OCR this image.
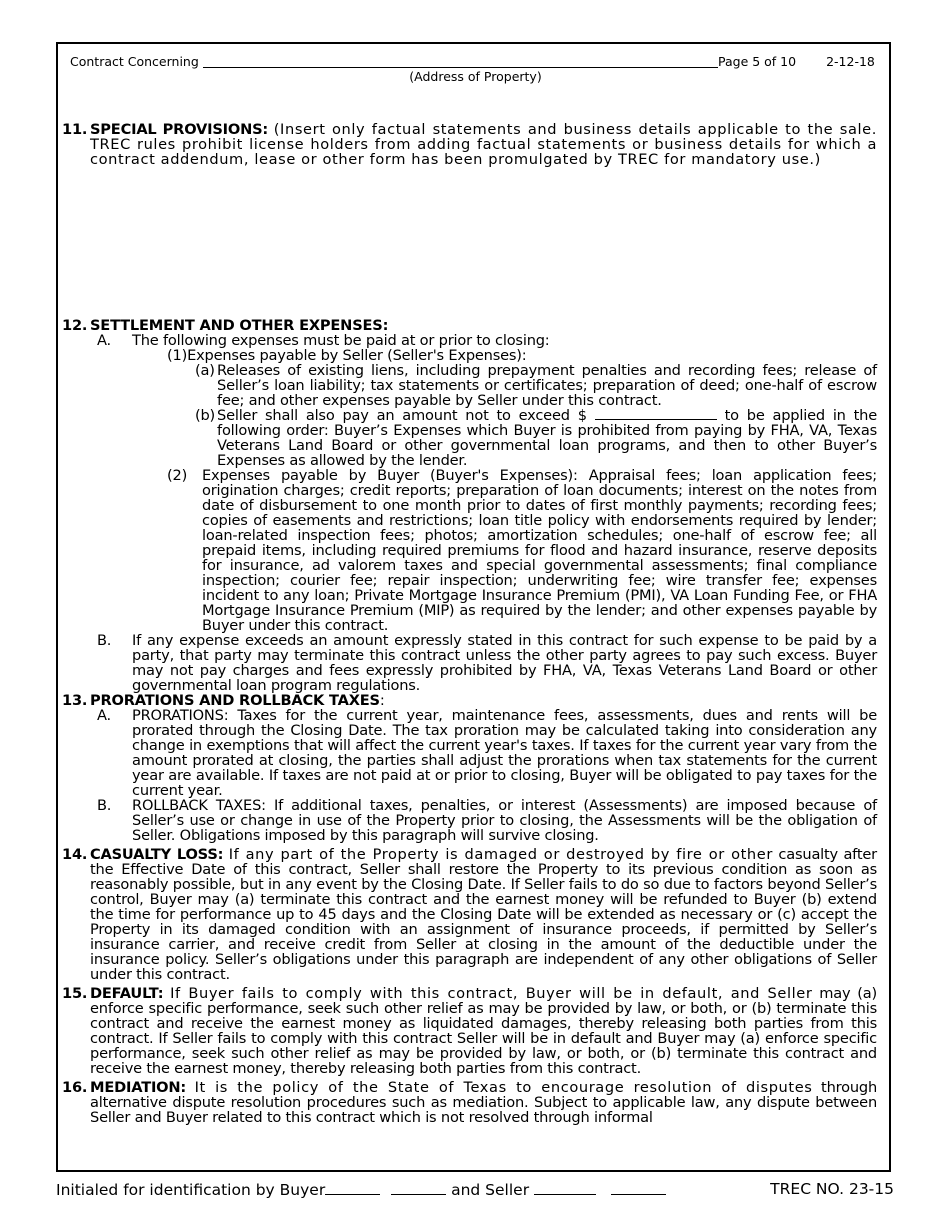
Contract Concerning	Page 5 of 10 2-12-18
(Address of Property)
11. SPECIAL PROVISIONS: (Insert only factual statements and business details applicable to the sale. TREC rules prohibit license holders from adding factual statements or business details for which a contract addendum, lease or other form has been promulgated by TREC for mandatory use.)
12. SETTLEMENT AND OTHER EXPENSES:
A. The following expenses must be paid at or prior to closing:
(1)Expenses payable by Seller (Seller's Expenses):
(a) Releases of existing liens, including prepayment penalties and recording fees; release of Seller’s loan liability; tax statements or certificates; preparation of deed; one-half of escrow fee; and other expenses payable by Seller under this contract.
(b) Seller shall also pay an amount not to exceed $	to be applied in the following order: Buyer’s Expenses which Buyer is prohibited from paying by FHA, VA, Texas Veterans Land Board or other governmental loan programs, and then to other Buyer’s Expenses as allowed by the lender.
(2) Expenses payable by Buyer (Buyer's Expenses): Appraisal fees; loan application fees; origination charges; credit reports; preparation of loan documents; interest on the notes from date of disbursement to one month prior to dates of first monthly payments; recording fees; copies of easements and restrictions; loan title policy with endorsements required by lender; loan-related inspection fees; photos; amortization schedules; one-half of escrow fee; all prepaid items, including required premiums for flood and hazard insurance, reserve deposits for insurance, ad valorem taxes and special governmental assessments; final compliance inspection; courier fee; repair inspection; underwriting fee; wire transfer fee; expenses incident to any loan; Private Mortgage Insurance Premium (PMI), VA Loan Funding Fee, or FHA Mortgage Insurance Premium (MIP) as required by the lender; and other expenses payable by Buyer under this contract.
B. If any expense exceeds an amount expressly stated in this contract for such expense to be paid by a party, that party may terminate this contract unless the other party agrees to pay such excess. Buyer may not pay charges and fees expressly prohibited by FHA, VA, Texas Veterans Land Board or other governmental loan program regulations.
13. PRORATIONS AND ROLLBACK TAXES:
A. PRORATIONS: Taxes for the current year, maintenance fees, assessments, dues and rents will be prorated through the Closing Date. The tax proration may be calculated taking into consideration any change in exemptions that will affect the current year's taxes. If taxes for the current year vary from the amount prorated at closing, the parties shall adjust the prorations when tax statements for the current year are available. If taxes are not paid at or prior to closing, Buyer will be obligated to pay taxes for the current year.
B. ROLLBACK TAXES: If additional taxes, penalties, or interest (Assessments) are imposed because of Seller’s use or change in use of the Property prior to closing, the Assessments will be the obligation of Seller. Obligations imposed by this paragraph will survive closing.
14. CASUALTY LOSS: If any part of the Property is damaged or destroyed by fire or other casualty after the Effective Date of this contract, Seller shall restore the Property to its previous condition as soon as reasonably possible, but in any event by the Closing Date. If Seller fails to do so due to factors beyond Seller’s control, Buyer may (a) terminate this contract and the earnest money will be refunded to Buyer (b) extend the time for performance up to 45 days and the Closing Date will be extended as necessary or (c) accept the Property in its damaged condition with an assignment of insurance proceeds, if permitted by Seller’s insurance carrier, and receive credit from Seller at closing in the amount of the deductible under the insurance policy. Seller’s obligations under this paragraph are independent of any other obligations of Seller under this contract.
15. DEFAULT: If Buyer fails to comply with this contract, Buyer will be in default, and Seller may (a) enforce specific performance, seek such other relief as may be provided by law, or both, or (b) terminate this contract and receive the earnest money as liquidated damages, thereby releasing both parties from this contract. If Seller fails to comply with this contract Seller will be in default and Buyer may (a) enforce specific performance, seek such other relief as may be provided by law, or both, or (b) terminate this contract and receive the earnest money, thereby releasing both parties from this contract.
16. MEDIATION: It is the policy of the State of Texas to encourage resolution of disputes through alternative dispute resolution procedures such as mediation. Subject to applicable law, any dispute between Seller and Buyer related to this contract which is not resolved through informal
Initialed for identification by Buyer	and Seller	TREC NO. 23-15
